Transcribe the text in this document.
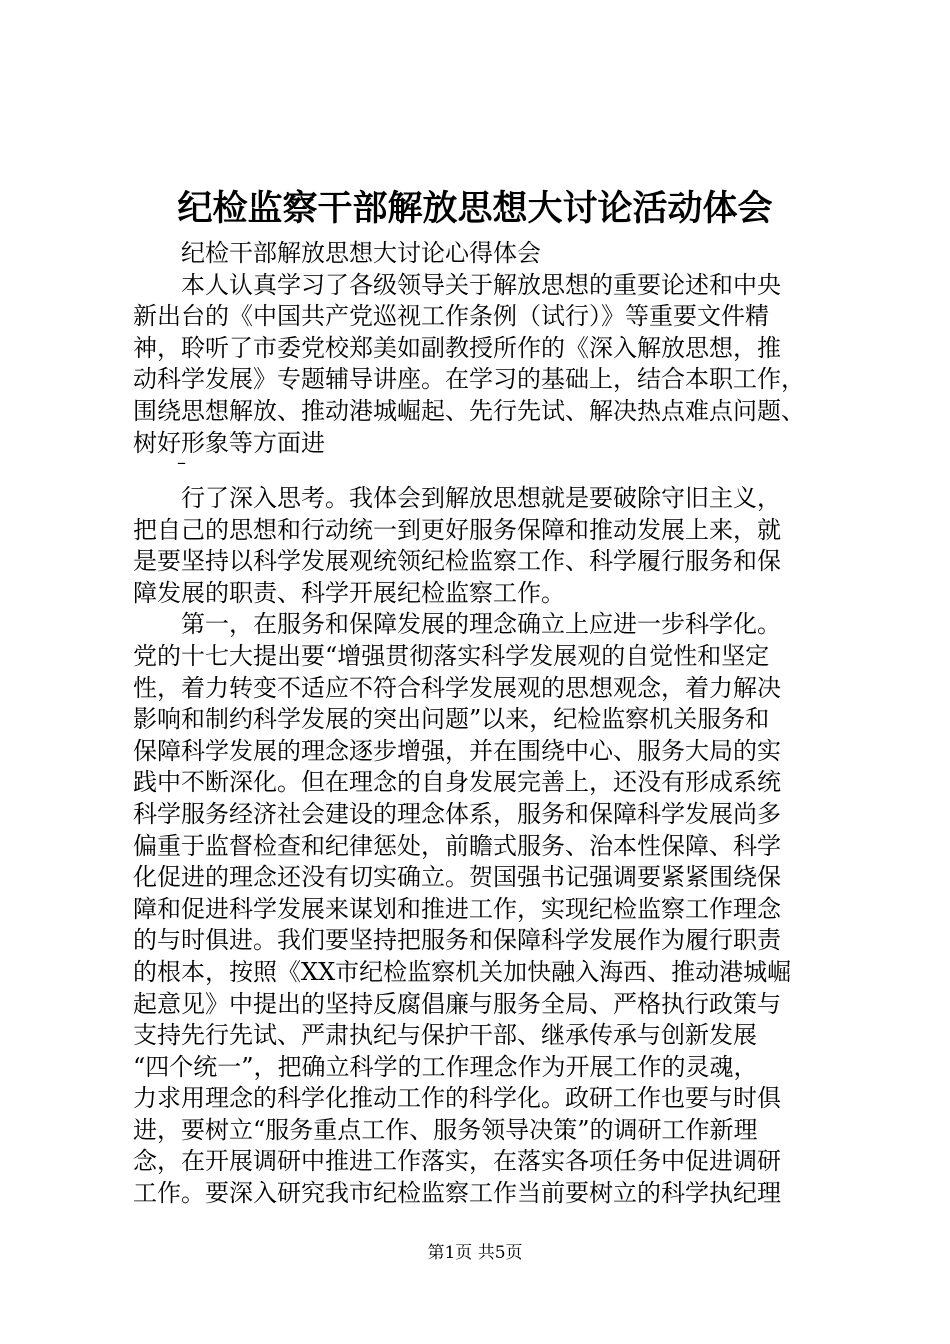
纪检监察干部解放思想大讨论活动体会
　　纪检干部解放思想大讨论心得体会
　　本人认真学习了各级领导关于解放思想的重要论述和中央
新出台的《中国共产党巡视工作条例（试行）》等重要文件精
神，聆听了市委党校郑美如副教授所作的《深入解放思想，推
动科学发展》专题辅导讲座。在学习的基础上，结合本职工作，
围绕思想解放、推动港城崛起、先行先试、解决热点难点问题、
树好形象等方面进
–
　　行了深入思考。我体会到解放思想就是要破除守旧主义，
把自己的思想和行动统一到更好服务保障和推动发展上来，就
是要坚持以科学发展观统领纪检监察工作、科学履行服务和保
障发展的职责、科学开展纪检监察工作。
　　第一，在服务和保障发展的理念确立上应进一步科学化。
党的十七大提出要“增强贯彻落实科学发展观的自觉性和坚定
性，着力转变不适应不符合科学发展观的思想观念，着力解决
影响和制约科学发展的突出问题”以来，纪检监察机关服务和
保障科学发展的理念逐步增强，并在围绕中心、服务大局的实
践中不断深化。但在理念的自身发展完善上，还没有形成系统
科学服务经济社会建设的理念体系，服务和保障科学发展尚多
偏重于监督检查和纪律惩处，前瞻式服务、治本性保障、科学
化促进的理念还没有切实确立。贺国强书记强调要紧紧围绕保
障和促进科学发展来谋划和推进工作，实现纪检监察工作理念
的与时俱进。我们要坚持把服务和保障科学发展作为履行职责
的根本，按照《XX市纪检监察机关加快融入海西、推动港城崛
起意见》中提出的坚持反腐倡廉与服务全局、严格执行政策与
支持先行先试、严肃执纪与保护干部、继承传承与创新发展
“四个统一”，把确立科学的工作理念作为开展工作的灵魂，
力求用理念的科学化推动工作的科学化。政研工作也要与时俱
进，要树立“服务重点工作、服务领导决策”的调研工作新理
念，在开展调研中推进工作落实，在落实各项任务中促进调研
工作。要深入研究我市纪检监察工作当前要树立的科学执纪理
第1页 共5页
